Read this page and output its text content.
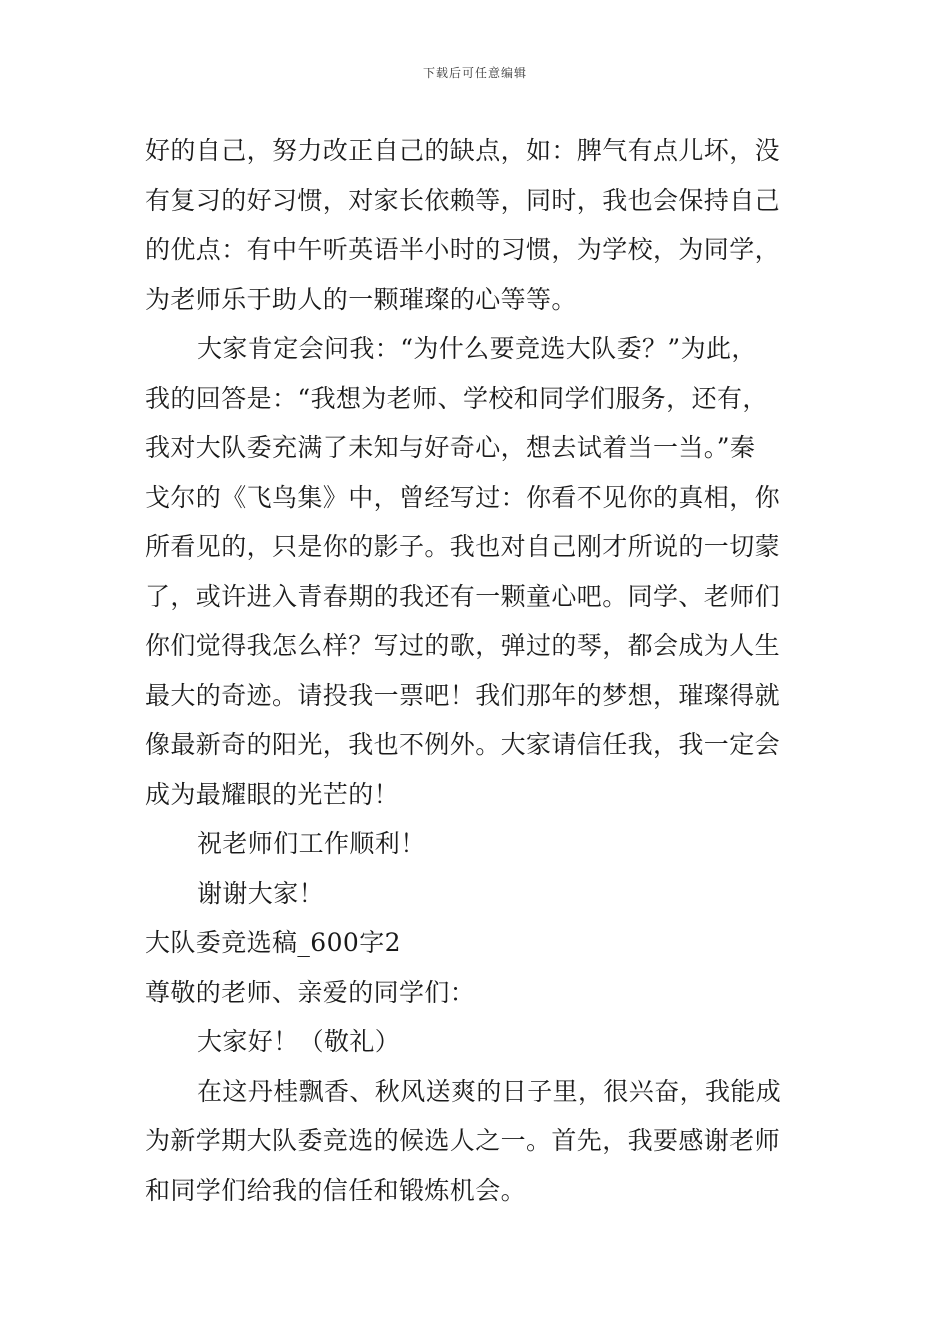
下载后可任意编辑
好的自己，努力改正自己的缺点，如：脾气有点儿坏，没
有复习的好习惯，对家长依赖等，同时，我也会保持自己
的优点：有中午听英语半小时的习惯，为学校，为同学，
为老师乐于助人的一颗璀璨的心等等。
大家肯定会问我：“为什么要竞选大队委？”为此，
我的回答是：“我想为老师、学校和同学们服务，还有，
我对大队委充满了未知与好奇心，想去试着当一当。”秦
戈尔的《飞鸟集》中，曾经写过：你看不见你的真相，你
所看见的，只是你的影子。我也对自己刚才所说的一切蒙
了，或许进入青春期的我还有一颗童心吧。同学、老师们
你们觉得我怎么样？写过的歌，弹过的琴，都会成为人生
最大的奇迹。请投我一票吧！我们那年的梦想，璀璨得就
像最新奇的阳光，我也不例外。大家请信任我，我一定会
成为最耀眼的光芒的！
祝老师们工作顺利！
谢谢大家！
大队委竞选稿_600字2
尊敬的老师、亲爱的同学们：
大家好！（敬礼）
在这丹桂飘香、秋风送爽的日子里，很兴奋，我能成
为新学期大队委竞选的候选人之一。首先，我要感谢老师
和同学们给我的信任和锻炼机会。
